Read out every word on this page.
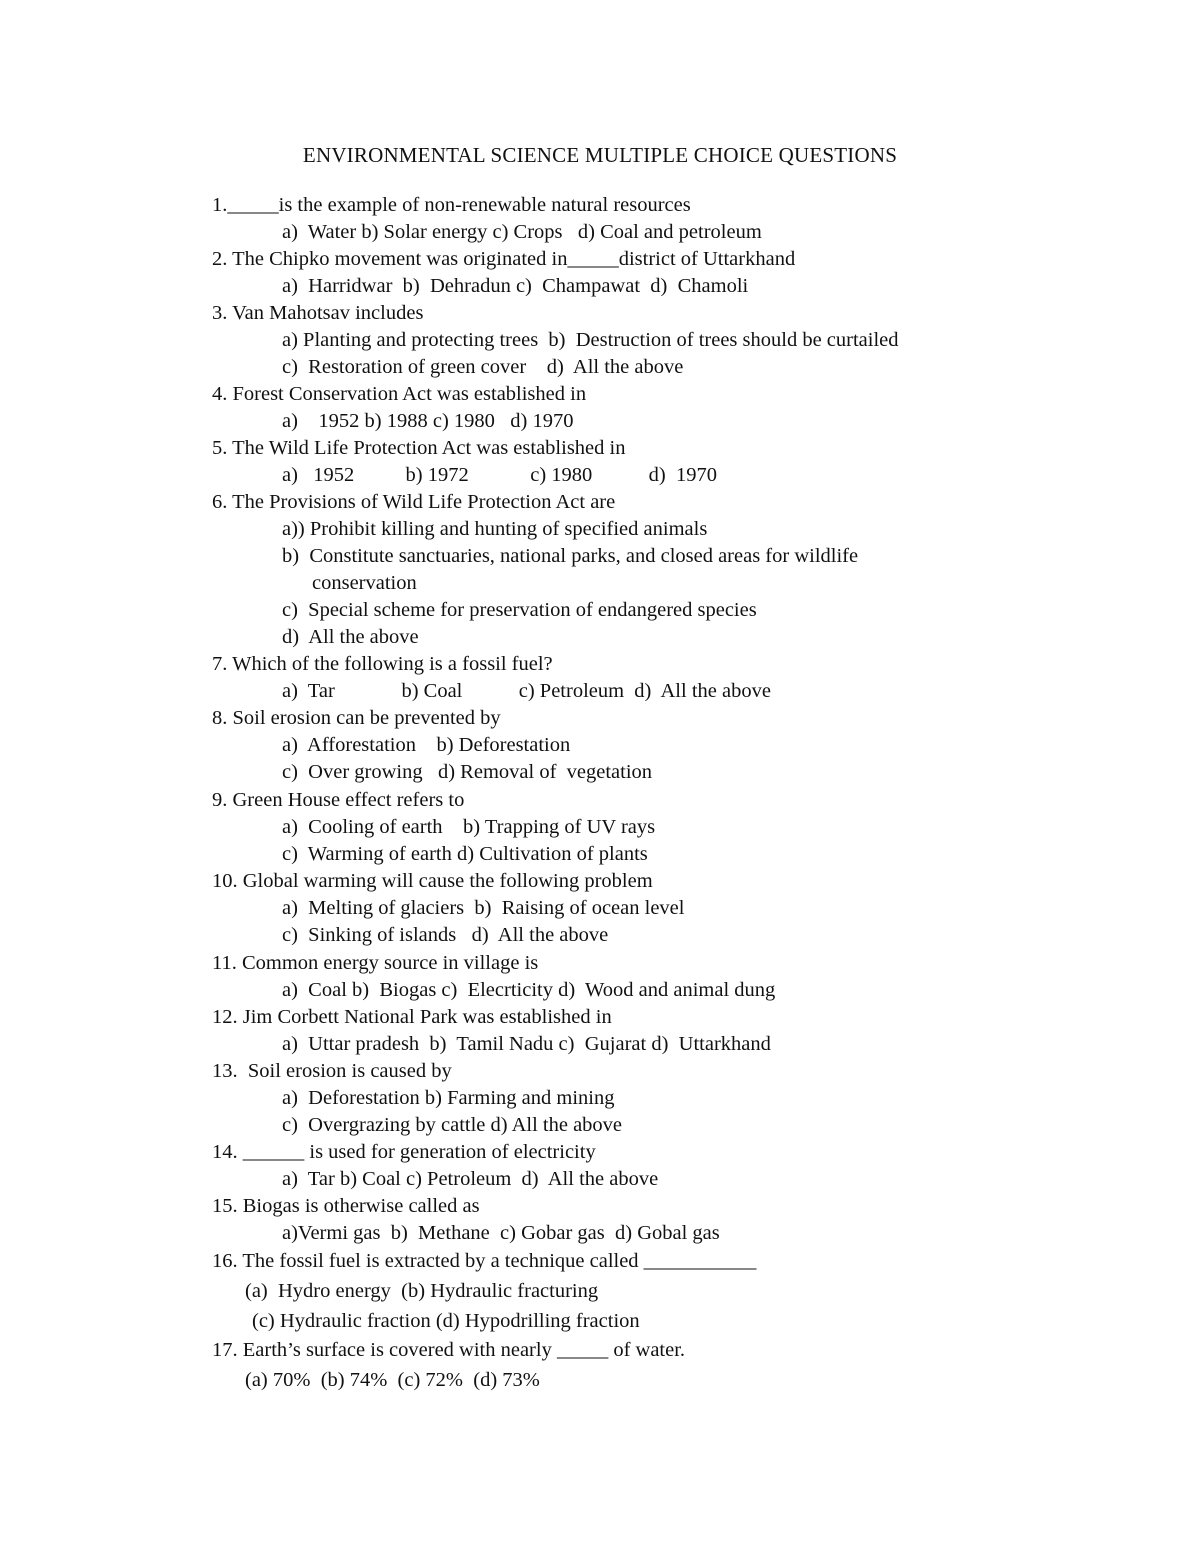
ENVIRONMENTAL SCIENCE MULTIPLE CHOICE QUESTIONS
1._____is the example of non-renewable natural resources
a)  Water b) Solar energy c) Crops   d) Coal and petroleum
2. The Chipko movement was originated in_____district of Uttarkhand
a)  Harridwar  b)  Dehradun c)  Champawat  d)  Chamoli
3. Van Mahotsav includes
a) Planting and protecting trees  b)  Destruction of trees should be curtailed
c)  Restoration of green cover    d)  All the above
4. Forest Conservation Act was established in
a)    1952 b) 1988 c) 1980   d) 1970
5. The Wild Life Protection Act was established in
a)   1952          b) 1972            c) 1980           d)  1970
6. The Provisions of Wild Life Protection Act are
a)) Prohibit killing and hunting of specified animals
b)  Constitute sanctuaries, national parks, and closed areas for wildlife
conservation
c)  Special scheme for preservation of endangered species
d)  All the above
7. Which of the following is a fossil fuel?
a)  Tar             b) Coal           c) Petroleum  d)  All the above
8. Soil erosion can be prevented by
a)  Afforestation    b) Deforestation
c)  Over growing   d) Removal of  vegetation
9. Green House effect refers to
a)  Cooling of earth    b) Trapping of UV rays
c)  Warming of earth d) Cultivation of plants
10. Global warming will cause the following problem
a)  Melting of glaciers  b)  Raising of ocean level
c)  Sinking of islands   d)  All the above
11. Common energy source in village is
a)  Coal b)  Biogas c)  Elecrticity d)  Wood and animal dung
12. Jim Corbett National Park was established in
a)  Uttar pradesh  b)  Tamil Nadu c)  Gujarat d)  Uttarkhand
13.  Soil erosion is caused by
a)  Deforestation b) Farming and mining
c)  Overgrazing by cattle d) All the above
14. ______ is used for generation of electricity
a)  Tar b) Coal c) Petroleum  d)  All the above
15. Biogas is otherwise called as
a)Vermi gas  b)  Methane  c) Gobar gas  d) Gobal gas
16. The fossil fuel is extracted by a technique called ___________
(a)  Hydro energy  (b) Hydraulic fracturing
(c) Hydraulic fraction (d) Hypodrilling fraction
17. Earth’s surface is covered with nearly _____ of water.
(a) 70%  (b) 74%  (c) 72%  (d) 73%
